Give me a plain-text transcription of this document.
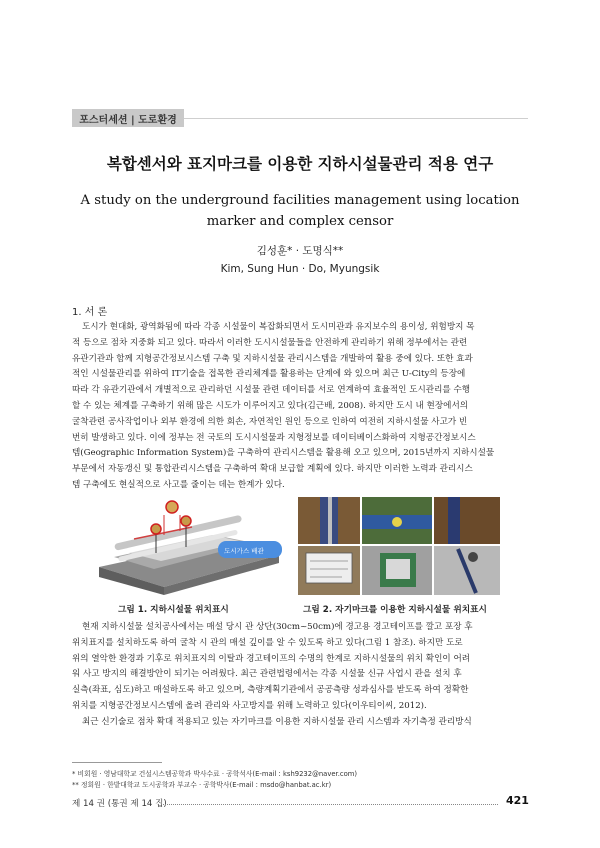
포스터세션 | 도로환경
복합센서와 표지마크를 이용한 지하시설물관리 적용 연구
A study on the underground facilities management using location
marker and complex censor
김성훈* · 도명식**
Kim, Sung Hun · Do, Myungsik
1. 서 론
도시가 현대화, 광역화됨에 따라 각종 시설물이 복잡화되면서 도시미관과 유지보수의 용이성, 위험방지 목
적 등으로 점차 지중화 되고 있다. 따라서 이러한 도시시설물들을 안전하게 관리하기 위해 정부에서는 관련
유관기관과 함께 지형공간정보시스템 구축 및 지하시설물 관리시스템을 개발하여 활용 중에 있다. 또한 효과
적인 시설물관리를 위하여 IT기술을 접목한 관리체계를 활용하는 단계에 와 있으며 최근 U-City의 등장에
따라 각 유관기관에서 개별적으로 관리하던 시설물 관련 데이터를 서로 연계하여 효율적인 도시관리를 수행
할 수 있는 체계를 구축하기 위해 많은 시도가 이루어지고 있다(김근배, 2008). 하지만 도시 내 현장에서의
굴착관련 공사작업이나 외부 환경에 의한 회손, 자연적인 원인 등으로 인하여 여전히 지하시설물 사고가 빈
번히 발생하고 있다. 이에 정부는 전 국토의 도시시설물과 지형정보를 데이터베이스화하여 지형공간정보시스
템(Geographic Information System)을 구축하여 관리시스템을 활용해 오고 있으며, 2015년까지 지하시설물
부문에서 자동갱신 및 통합관리시스템을 구축하여 확대 보급할 계획에 있다. 하지만 이러한 노력과 관리시스
템 구축에도 현실적으로 사고를 줄이는 데는 한계가 있다.
도시가스 배관
그림 1. 지하시설물 위치표시	그림 2. 자기마크를 이용한 지하시설물 위치표시
현재 지하시설물 설치공사에서는 매설 당시 관 상단(30cm~50cm)에 경고용 경고테이프를 깔고 포장 후
위치표지를 설치하도록 하여 굴착 시 관의 매설 깊이를 알 수 있도록 하고 있다(그림 1 참조). 하지만 도로
위의 열악한 환경과 기후로 위치표지의 이탈과 경고테이프의 수명의 한계로 지하시설물의 위치 확인이 어려
워 사고 방지의 해결방안이 되기는 어려웠다. 최근 관련법령에서는 각종 시설물 신규 사업시 관을 설치 후
실측(좌표, 심도)하고 매설하도록 하고 있으며, 측량계획기관에서 공공측량 성과심사를 받도록 하여 정확한
위치를 지형공간정보시스템에 올려 관리와 사고방지를 위해 노력하고 있다(이우티이씨, 2012).
최근 신기술로 점차 확대 적용되고 있는 자기마크를 이용한 지하시설물 관리 시스템과 자기측정 관리방식
* 비회원 · 영남대학교 건설시스템공학과 박사수료 · 공학석사(E-mail : ksh9232@naver.com)
** 정회원 · 한밭대학교 도시공학과 부교수 · 공학박사(E-mail : msdo@hanbat.ac.kr)
제 14 권 (통권 제 14 집)	421
